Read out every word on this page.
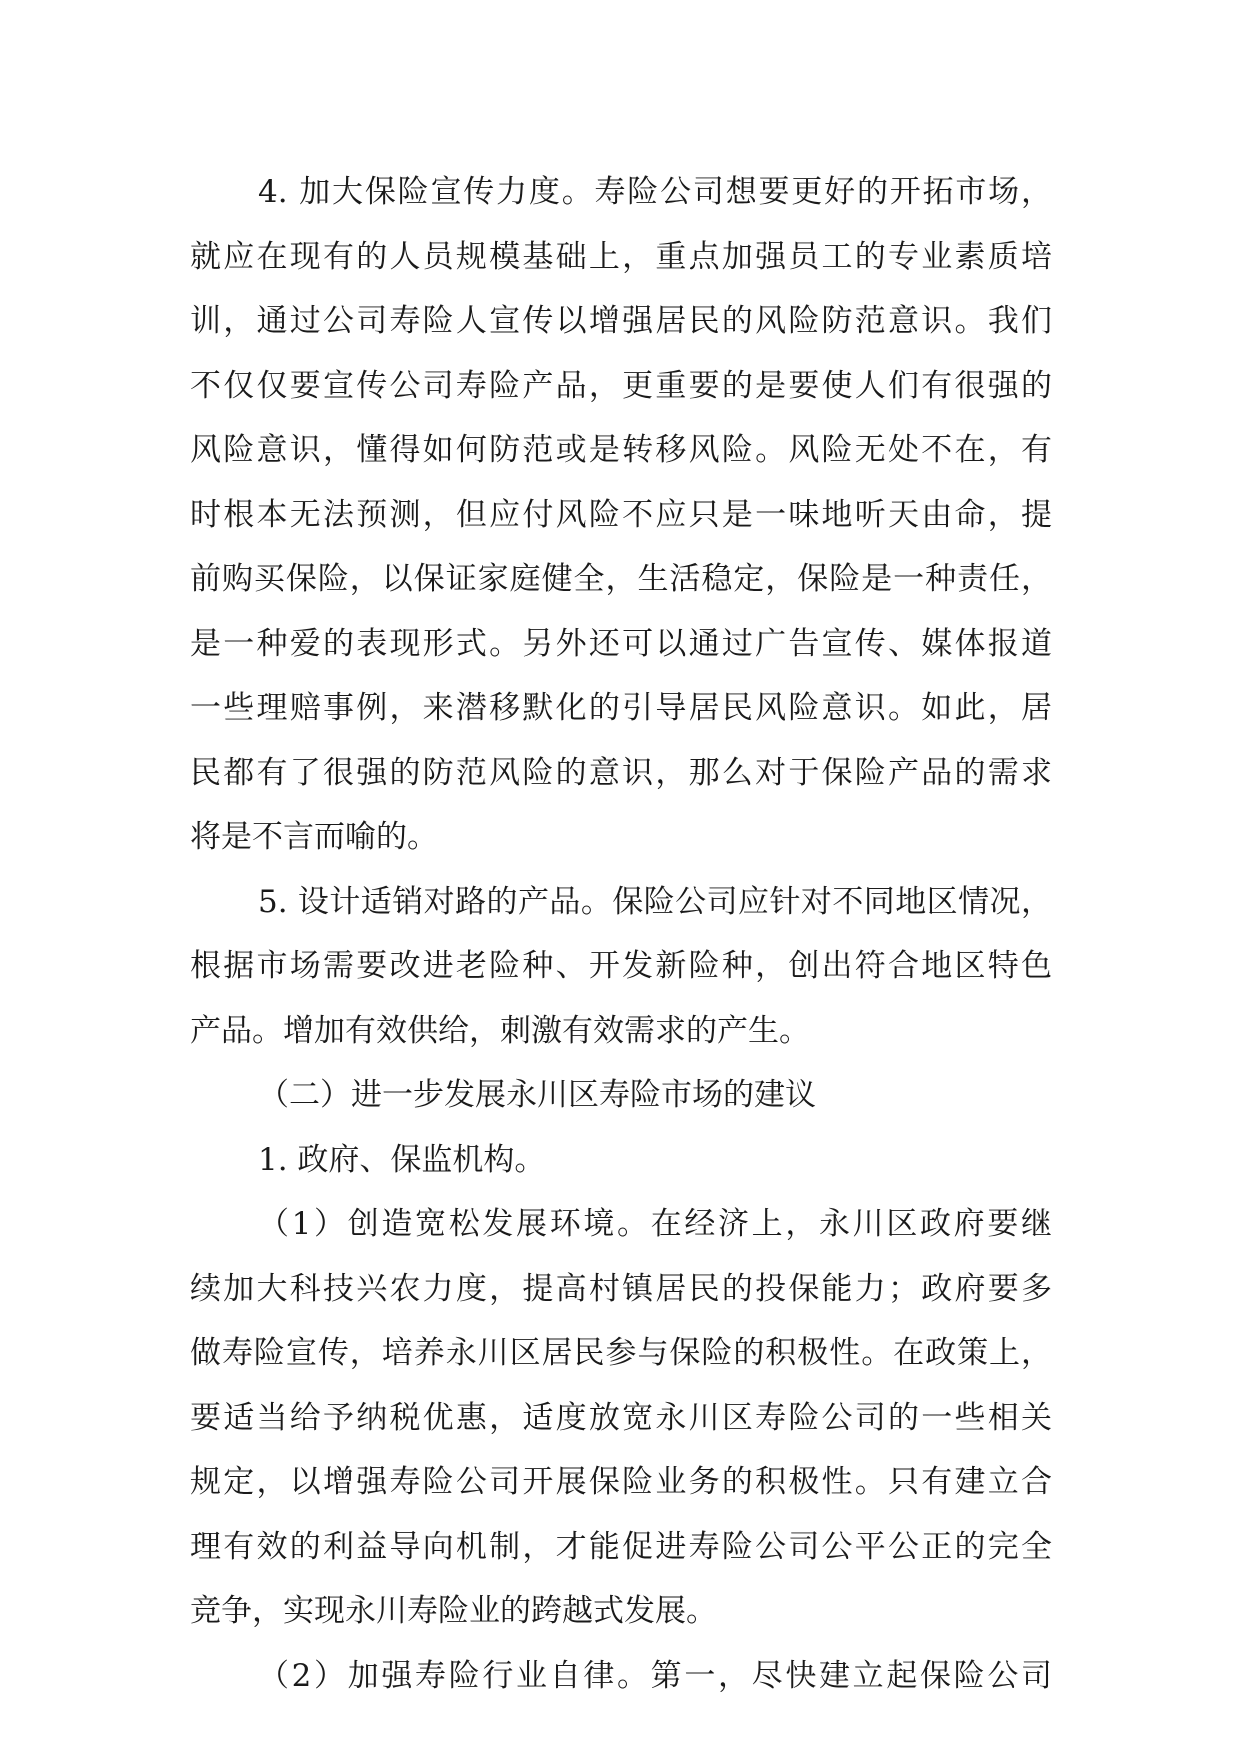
4. 加大保险宣传力度。寿险公司想要更好的开拓市场，
就应在现有的人员规模基础上，重点加强员工的专业素质培
训，通过公司寿险人宣传以增强居民的风险防范意识。我们
不仅仅要宣传公司寿险产品，更重要的是要使人们有很强的
风险意识，懂得如何防范或是转移风险。风险无处不在，有
时根本无法预测，但应付风险不应只是一味地听天由命，提
前购买保险，以保证家庭健全，生活稳定，保险是一种责任，
是一种爱的表现形式。另外还可以通过广告宣传、媒体报道
一些理赔事例，来潜移默化的引导居民风险意识。如此，居
民都有了很强的防范风险的意识，那么对于保险产品的需求
将是不言而喻的。
5. 设计适销对路的产品。保险公司应针对不同地区情况，
根据市场需要改进老险种、开发新险种，创出符合地区特色
产品。增加有效供给，刺激有效需求的产生。
（二）进一步发展永川区寿险市场的建议
1. 政府、保监机构。
（1）创造宽松发展环境。在经济上，永川区政府要继
续加大科技兴农力度，提高村镇居民的投保能力；政府要多
做寿险宣传，培养永川区居民参与保险的积极性。在政策上，
要适当给予纳税优惠，适度放宽永川区寿险公司的一些相关
规定，以增强寿险公司开展保险业务的积极性。只有建立合
理有效的利益导向机制，才能促进寿险公司公平公正的完全
竞争，实现永川寿险业的跨越式发展。
（2）加强寿险行业自律。第一，尽快建立起保险公司
